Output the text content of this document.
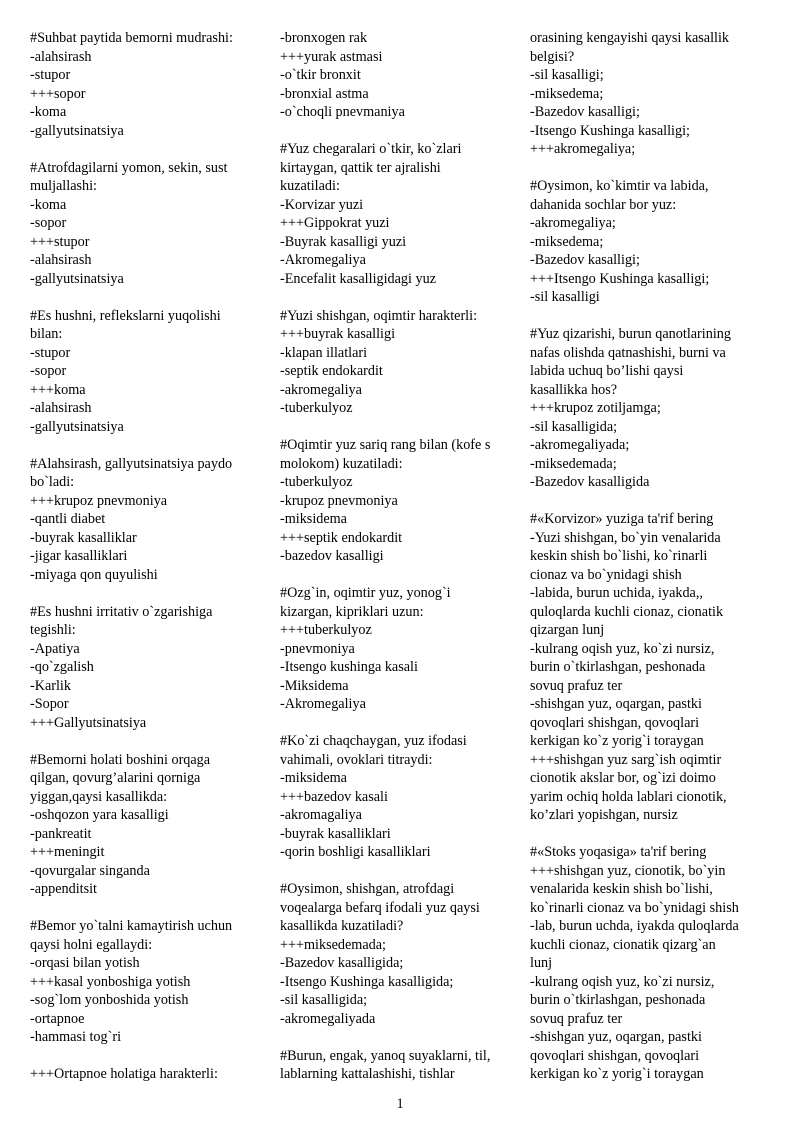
#Suhbat paytida bemorni mudrashi:
-alahsirash
-stupor
+++sopor
-koma
-gallyutsinatsiya
#Atrofdagilarni yomon, sekin, sust
muljallashi:
-koma
-sopor
+++stupor
-alahsirash
-gallyutsinatsiya
#Es hushni, reflekslarni yuqolishi
bilan:
-stupor
-sopor
+++koma
-alahsirash
-gallyutsinatsiya
#Alahsirash, gallyutsinatsiya paydo
bo`ladi:
+++krupoz pnevmoniya
-qantli diabet
-buyrak kasalliklar
-jigar kasalliklari
-miyaga qon quyulishi
#Es hushni irritativ o`zgarishiga
tegishli:
-Apatiya
-qo`zgalish
-Karlik
-Sopor
+++Gallyutsinatsiya
#Bemorni holati boshini orqaga
qilgan, qovurg’alarini qorniga
yiggan,qaysi kasallikda:
-oshqozon yara kasalligi
-pankreatit
+++meningit
-qovurgalar singanda
-appenditsit
#Bemor yo`talni kamaytirish uchun
qaysi holni egallaydi:
-orqasi bilan yotish
+++kasal yonboshiga yotish
-sog`lom yonboshida yotish
-ortapnoe
-hammasi tog`ri
+++Ortapnoe holatiga harakterli:
-bronxogen rak
+++yurak astmasi
-o`tkir bronxit
-bronxial astma
-o`choqli pnevmaniya
#Yuz chegaralari o`tkir, ko`zlari
kirtaygan, qattik ter ajralishi
kuzatiladi:
-Korvizar yuzi
+++Gippokrat yuzi
-Buyrak kasalligi yuzi
-Akromegaliya
-Encefalit kasalligidagi yuz
#Yuzi shishgan, oqimtir harakterli:
+++buyrak kasalligi
-klapan illatlari
-septik endokardit
-akromegaliya
-tuberkulyoz
#Oqimtir yuz sariq rang bilan (kofe s
molokom) kuzatiladi:
-tuberkulyoz
-krupoz pnevmoniya
-miksidema
+++septik endokardit
-bazedov kasalligi
#Ozg`in, oqimtir yuz, yonog`i
kizargan, kipriklari uzun:
+++tuberkulyoz
-pnevmoniya
-Itsengo kushinga kasali
-Miksidema
-Akromegaliya
#Ko`zi chaqchaygan, yuz ifodasi
vahimali, ovoklari titraydi:
-miksidema
+++bazedov kasali
-akromagaliya
-buyrak kasalliklari
-qorin boshligi kasalliklari
#Oysimon, shishgan, atrofdagi
voqealarga befarq ifodali yuz qaysi
kasallikda kuzatiladi?
+++miksedemada;
-Bazedov kasalligida;
-Itsengo Kushinga kasalligida;
-sil kasalligida;
-akromegaliyada
#Burun, engak, yanoq suyaklarni, til,
lablarning kattalashishi, tishlar
orasining kengayishi qaysi kasallik
belgisi?
-sil kasalligi;
-miksedema;
-Bazedov kasalligi;
-Itsengo Kushinga kasalligi;
+++akromegaliya;
#Oysimon, ko`kimtir va labida,
dahanida sochlar bor yuz:
-akromegaliya;
-miksedema;
-Bazedov kasalligi;
+++Itsengo Kushinga kasalligi;
-sil kasalligi
#Yuz qizarishi, burun qanotlarining
nafas olishda qatnashishi, burni va
labida uchuq bo’lishi qaysi
kasallikka hos?
+++krupoz zotiljamga;
-sil kasalligida;
-akromegaliyada;
-miksedemada;
-Bazedov kasalligida
#«Korvizor» yuziga ta'rif bering
-Yuzi shishgan, bo`yin venalarida
keskin shish bo`lishi, ko`rinarli
cionaz va bo`ynidagi shish
-labida, burun uchida, iyakda,,
quloqlarda kuchli cionaz, cionatik
qizargan lunj
-kulrang oqish yuz, ko`zi nursiz,
burin o`tkirlashgan, peshonada
sovuq prafuz ter
-shishgan yuz, oqargan, pastki
qovoqlari shishgan, qovoqlari
kerkigan ko`z yorig`i toraygan
+++shishgan yuz sarg`ish oqimtir
cionotik akslar bor, og`izi doimo
yarim ochiq holda lablari cionotik,
ko’zlari yopishgan, nursiz
#«Stoks yoqasiga» ta'rif bering
+++shishgan yuz, cionotik, bo`yin
venalarida keskin shish bo`lishi,
ko`rinarli cionaz va bo`ynidagi shish
-lab, burun uchda, iyakda quloqlarda
kuchli cionaz, cionatik qizarg`an
lunj
-kulrang oqish yuz, ko`zi nursiz,
burin o`tkirlashgan, peshonada
sovuq prafuz ter
-shishgan yuz, oqargan, pastki
qovoqlari shishgan, qovoqlari
kerkigan ko`z yorig`i toraygan
1
